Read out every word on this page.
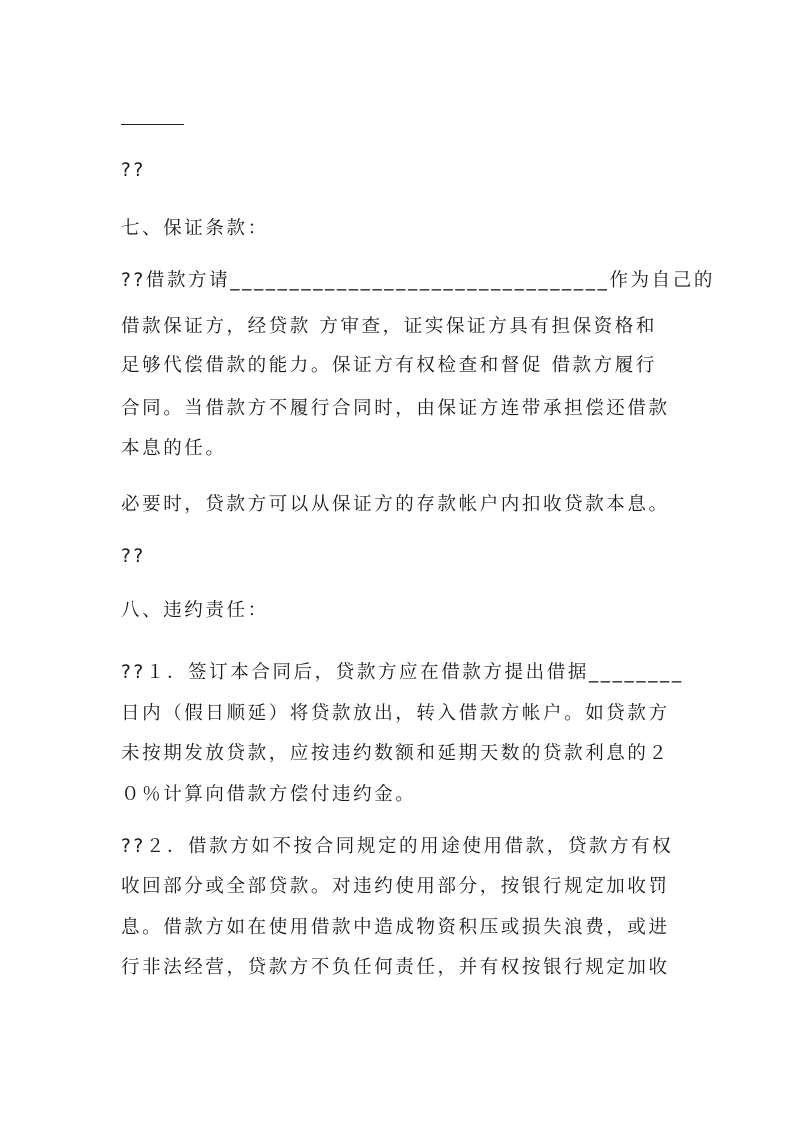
??

七、保证条款：

??借款方请________________________________作为自己的

借款保证方，经贷款 方审查，证实保证方具有担保资格和

足够代偿借款的能力。保证方有权检查和督促 借款方履行

合同。当借款方不履行合同时，由保证方连带承担偿还借款

本息的任。

必要时，贷款方可以从保证方的存款帐户内扣收贷款本息。

??

八、违约责任：

??１．签订本合同后，贷款方应在借款方提出借据________

日内（假日顺延）将贷款放出，转入借款方帐户。如贷款方

未按期发放贷款，应按违约数额和延期天数的贷款利息的２

０％计算向借款方偿付违约金。

??２．借款方如不按合同规定的用途使用借款，贷款方有权

收回部分或全部贷款。对违约使用部分，按银行规定加收罚

息。借款方如在使用借款中造成物资积压或损失浪费，或进

行非法经营，贷款方不负任何责任，并有权按银行规定加收
